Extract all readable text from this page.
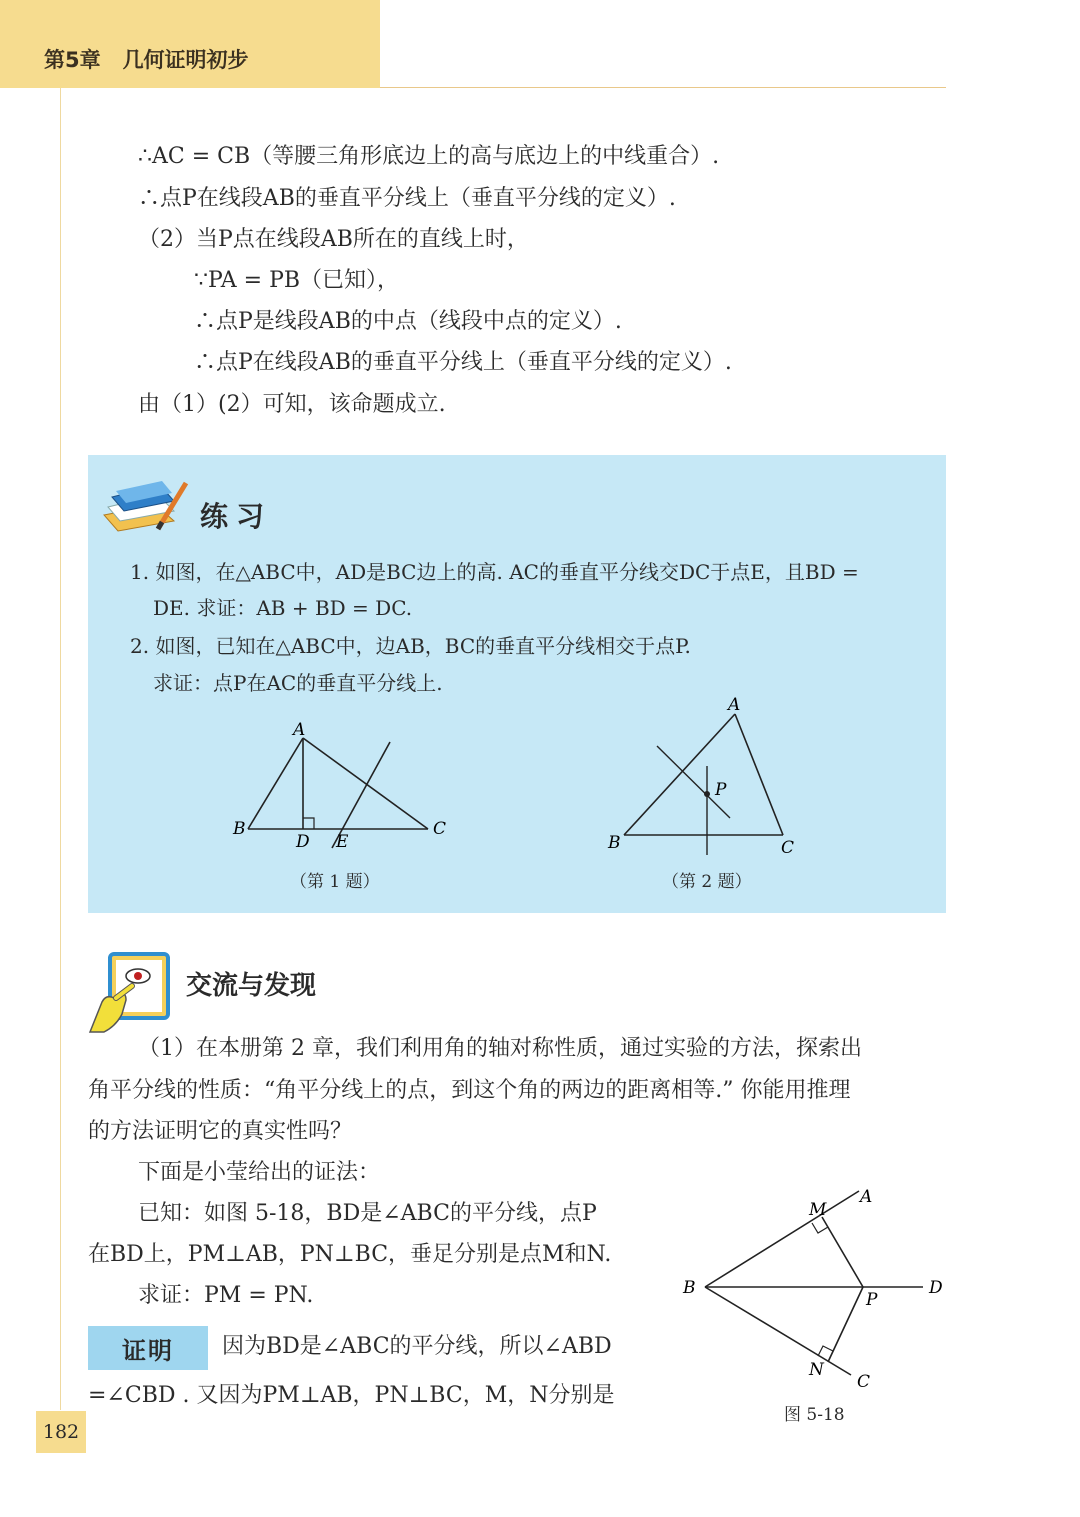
第5章 几何证明初步
∴AC = CB（等腰三角形底边上的高与底边上的中线重合）.
∴点P在线段AB的垂直平分线上（垂直平分线的定义）.
（2）当P点在线段AB所在的直线上时，
∵PA = PB（已知），
∴点P是线段AB的中点（线段中点的定义）.
∴点P在线段AB的垂直平分线上（垂直平分线的定义）.
由（1）(2）可知，该命题成立.
练习
1. 如图，在△ABC中，AD是BC边上的高. AC的垂直平分线交DC于点E，且BD =
DE. 求证：AB + BD = DC.
2. 如图，已知在△ABC中，边AB，BC的垂直平分线相交于点P.
求证：点P在AC的垂直平分线上.
A
B	C
D E
（第 1 题）
A
B	C
P
（第 2 题）
交流与发现
（1）在本册第 2 章，我们利用角的轴对称性质，通过实验的方法，探索出
角平分线的性质：“角平分线上的点，到这个角的两边的距离相等.” 你能用推理
的方法证明它的真实性吗？
下面是小莹给出的证法：
已知：如图 5-18，BD是∠ABC的平分线，点P
在BD上，PM⊥AB，PN⊥BC，垂足分别是点M和N.
求证：PM = PN.
证明	因为BD是∠ABC的平分线，所以∠ABD
=∠CBD . 又因为PM⊥AB，PN⊥BC，M，N分别是
A
M
B	D
P
N
C
图 5-18
182
